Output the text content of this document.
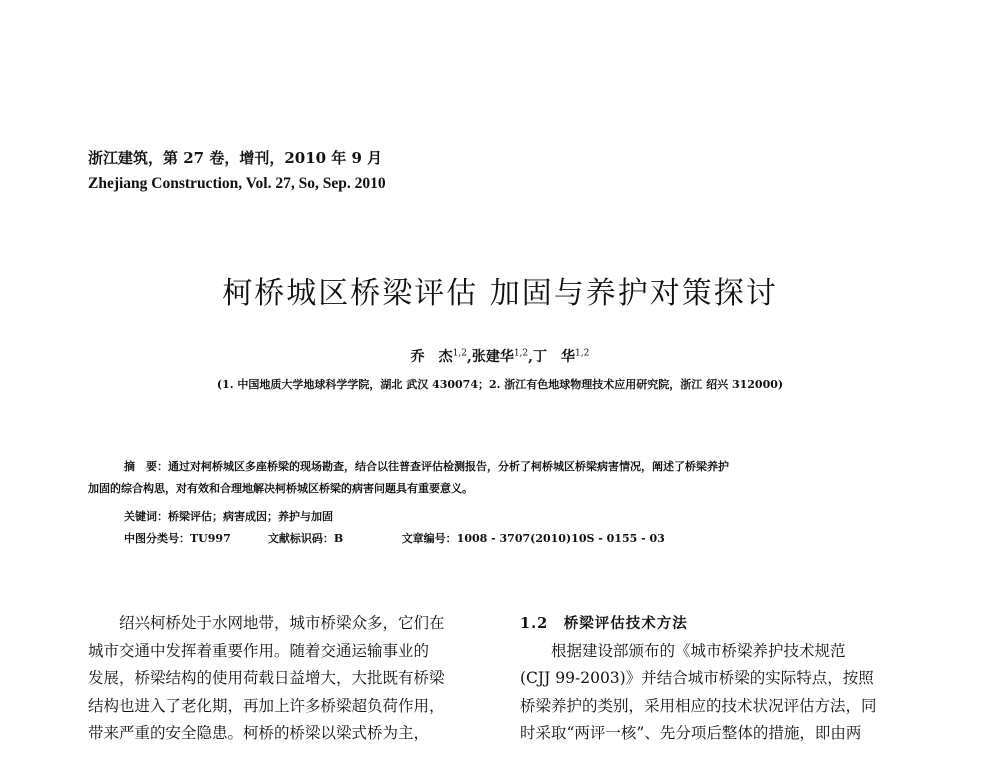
浙江建筑，第 27 卷，增刊，2010 年 9 月
Zhejiang Construction, Vol. 27, So, Sep. 2010
柯桥城区桥梁评估 加固与养护对策探讨
乔　杰$^{1,2}$,张建华$^{1,2}$,丁　华$^{1,2}$
(1. 中国地质大学地球科学学院，湖北 武汉 430074；2. 浙江有色地球物理技术应用研究院，浙江 绍兴 312000)
摘　要：通过对柯桥城区多座桥梁的现场勘查，结合以往普查评估检测报告，分析了柯桥城区桥梁病害情况，阐述了桥梁养护
加固的综合构思，对有效和合理地解决柯桥城区桥梁的病害问题具有重要意义。
关键词：桥梁评估；病害成因；养护与加固
中图分类号：TU997	文献标识码：B	文章编号：1008 - 3707(2010)10S - 0155 - 03

绍兴柯桥处于水网地带，城市桥梁众多，它们在

城市交通中发挥着重要作用。随着交通运输事业的

发展，桥梁结构的使用荷载日益增大，大批既有桥梁

结构也进入了老化期，再加上许多桥梁超负荷作用，

带来严重的安全隐患。柯桥的桥梁以梁式桥为主，

1.2　桥梁评估技术方法

根据建设部颁布的《城市桥梁养护技术规范

(CJJ 99-2003)》并结合城市桥梁的实际特点，按照

桥梁养护的类别，采用相应的技术状况评估方法，同

时采取“两评一核”、先分项后整体的措施，即由两
